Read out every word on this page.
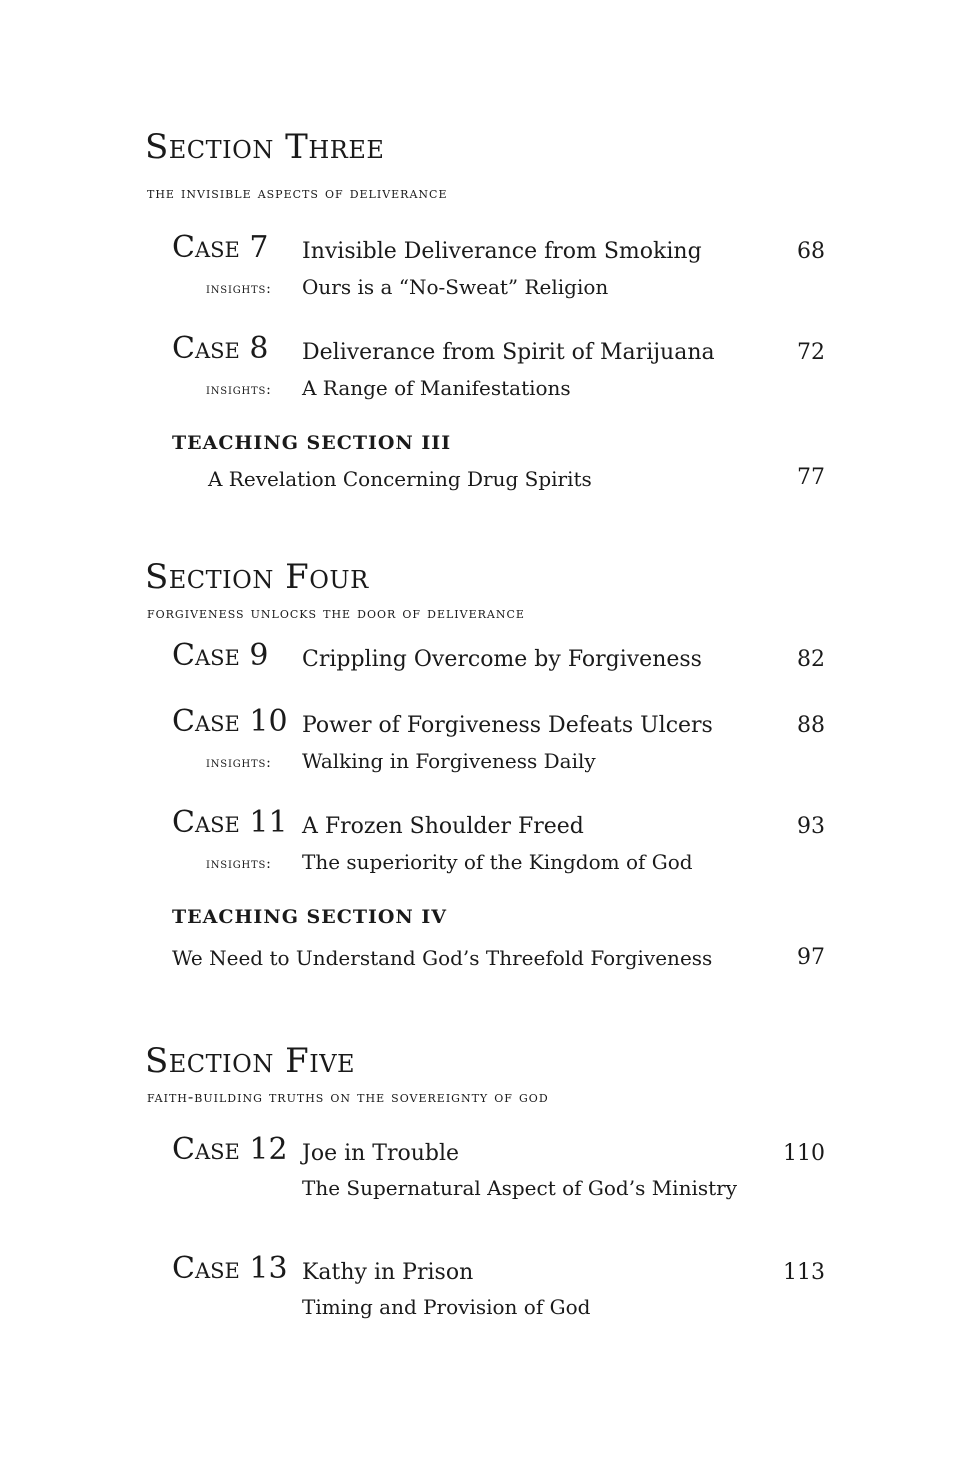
Section Three
the invisible aspects of deliverance
Case 7 Invisible Deliverance from Smoking	68
insights: Ours is a “No-Sweat” Religion
Case 8 Deliverance from Spirit of Marijuana	72
insights: A Range of Manifestations
TEACHING SECTION III
A Revelation Concerning Drug Spirits	77
Section Four
forgiveness unlocks the door of deliverance
Case 9 Crippling Overcome by Forgiveness	82
Case 10 Power of Forgiveness Defeats Ulcers	88
insights: Walking in Forgiveness Daily
Case 11 A Frozen Shoulder Freed	93
insights: The superiority of the Kingdom of God
TEACHING SECTION IV
We Need to Understand God’s Threefold Forgiveness	97
Section Five
faith-building truths on the sovereignty of god
Case 12 Joe in Trouble	110
The Supernatural Aspect of God’s Ministry
Case 13 Kathy in Prison	113
Timing and Provision of God
